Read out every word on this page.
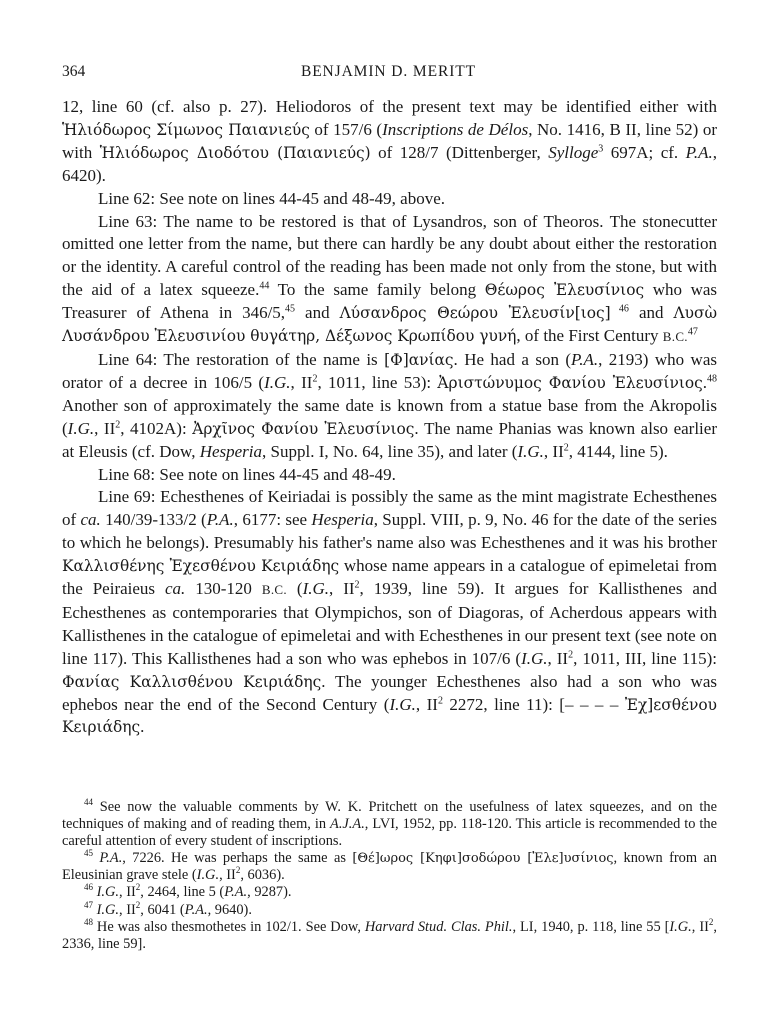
364	BENJAMIN D. MERITT

12, line 60 (cf. also p. 27). Heliodoros of the present text may be identified either with Ἡλιόδωρος Σίμωνος Παιανιεύς of 157/6 (Inscriptions de Délos, No. 1416, B II, line 52) or with Ἡλιόδωρος Διοδότου (Παιανιεύς) of 128/7 (Dittenberger, Sylloge$^3$ 697A; cf. P.A., 6420).

Line 62: See note on lines 44-45 and 48-49, above.

Line 63: The name to be restored is that of Lysandros, son of Theoros. The stonecutter omitted one letter from the name, but there can hardly be any doubt about either the restoration or the identity. A careful control of the reading has been made not only from the stone, but with the aid of a latex squeeze.$^{44}$ To the same family belong Θέωρος Ἐλευσίνιος who was Treasurer of Athena in 346/5,45 and Λύσανδρος Θεώρου Ἐλευσίν[ιος] $^{46}$ and Λυσὼ Λυσάνδρου Ἐλευσινίου θυγάτηρ, Δέξωνος Κρωπίδου γυνή, of the First Century B.C.$^{47}$

Line 64: The restoration of the name is [Φ]ανίας. He had a son (P.A., 2193) who was orator of a decree in 106/5 (I.G., $II^2$, 1011, line 53): Ἀριστώνυμος Φανίου Ἐλευσίνιος.$^{48}$ Another son of approximately the same date is known from a statue base from the Akropolis (I.G., $II^2$, 4102A): Ἀρχῖνος Φανίου Ἐλευσίνιος. The name Phanias was known also earlier at Eleusis (cf. Dow, Hesperia, Suppl. I, No. 64, line 35), and later (I.G., $II^2$, 4144, line 5).

Line 68: See note on lines 44-45 and 48-49.

Line 69: Echesthenes of Keiriadai is possibly the same as the mint magistrate Echesthenes of ca. 140/39-133/2 (P.A., 6177: see Hesperia, Suppl. VIII, p. 9, No. 46 for the date of the series to which he belongs). Presumably his father's name also was Echesthenes and it was his brother Καλλισθένης Ἐχεσθένου Κειριάδης whose name appears in a catalogue of epimeletai from the Peiraieus ca. 130-120 B.C. (I.G., $II^2$, 1939, line 59). It argues for Kallisthenes and Echesthenes as contemporaries that Olympichos, son of Diagoras, of Acherdous appears with Kallisthenes in the catalogue of epimeletai and with Echesthenes in our present text (see note on line 117). This Kallisthenes had a son who was ephebos in 107/6 (I.G., $II^2$, 1011, III, line 115): Φανίας Καλλισθένου Κειριάδης. The younger Echesthenes also had a son who was ephebos near the end of the Second Century (I.G., $II^2$ 2272, line 11): [– – – – Ἐχ]εσθένου Κειριάδης.

$^{44}$ See now the valuable comments by W. K. Pritchett on the usefulness of latex squeezes, and on the techniques of making and of reading them, in A.J.A., LVI, 1952, pp. 118-120. This article is recommended to the careful attention of every student of inscriptions.

$^{45}$ P.A., 7226. He was perhaps the same as [Θέ]ωρος [Κηφι]σοδώρου [Ἐλε]υσίνιος, known from an Eleusinian grave stele (I.G., II$^2$, 6036).

$^{46}$ I.G., II$^2$, 2464, line 5 (P.A., 9287).

$^{47}$ I.G., II$^2$, 6041 (P.A., 9640).

$^{48}$ He was also thesmothetes in 102/1. See Dow, Harvard Stud. Clas. Phil., LI, 1940, p. 118, line 55 [I.G., II$^2$, 2336, line 59].
